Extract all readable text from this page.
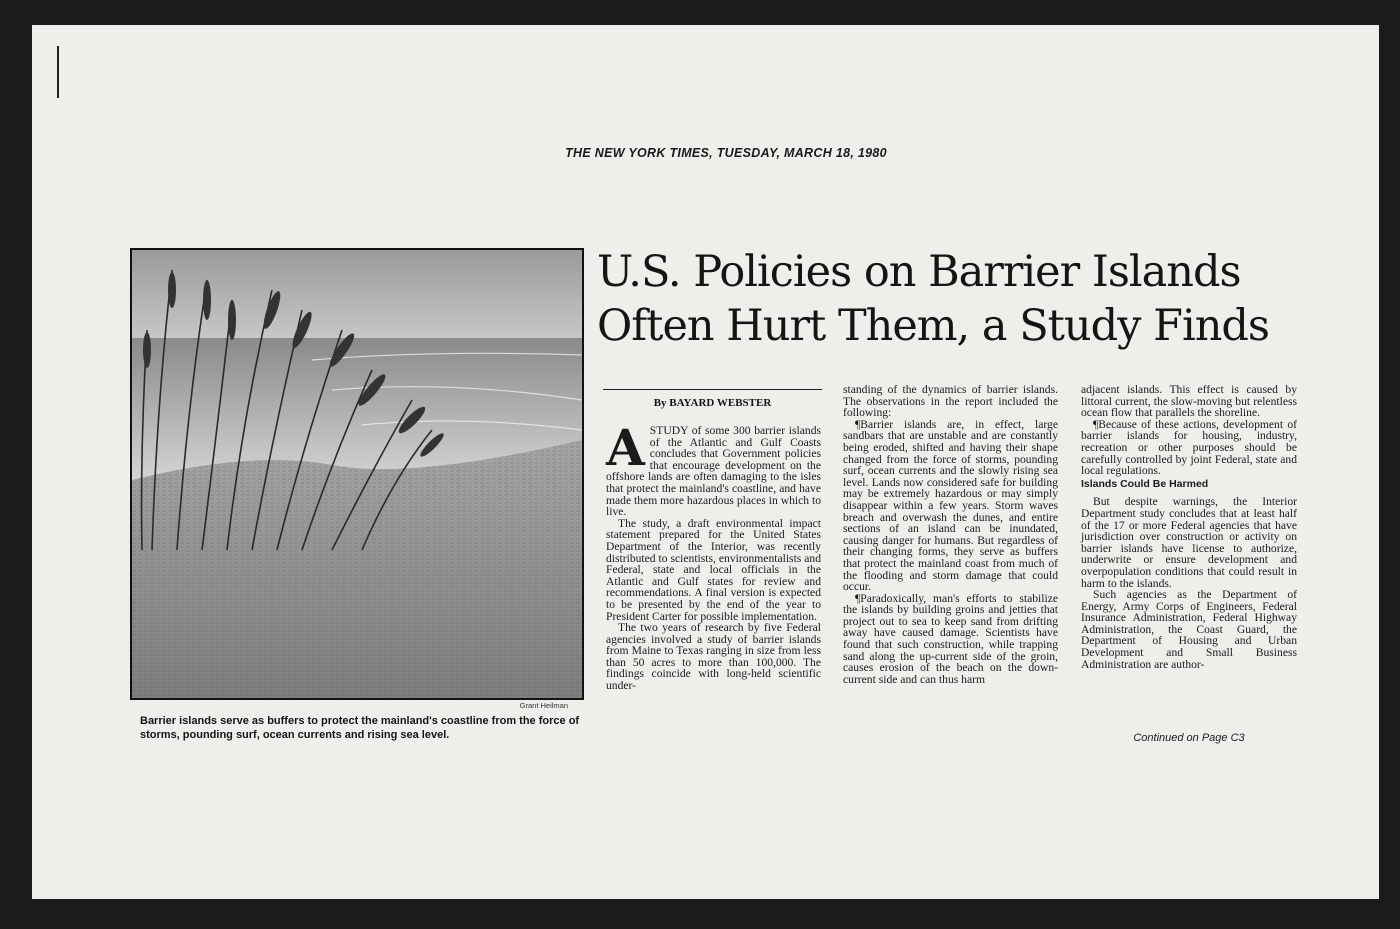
THE NEW YORK TIMES, TUESDAY, MARCH 18, 1980
Grant Heilman
Barrier islands serve as buffers to protect the mainland's coastline from the force of storms, pounding surf, ocean currents and rising sea level.
U.S. Policies on Barrier Islands
Often Hurt Them, a Study Finds
By BAYARD WEBSTER

ASTUDY of some 300 barrier islands of the Atlantic and Gulf Coasts concludes that Government policies that encourage development on the offshore lands are often damaging to the isles that protect the mainland's coastline, and have made them more hazardous places in which to live.

The study, a draft environmental impact statement prepared for the United States Department of the Interior, was recently distributed to scientists, environmentalists and Federal, state and local officials in the Atlantic and Gulf states for review and recommendations. A final version is expected to be presented by the end of the year to President Carter for possible implementation.

The two years of research by five Federal agencies involved a study of barrier islands from Maine to Texas ranging in size from less than 50 acres to more than 100,000. The findings coincide with long-held scientific under-

standing of the dynamics of barrier islands. The observations in the report included the following:

¶Barrier islands are, in effect, large sandbars that are unstable and are constantly being eroded, shifted and having their shape changed from the force of storms, pounding surf, ocean currents and the slowly rising sea level. Lands now considered safe for building may be extremely hazardous or may simply disappear within a few years. Storm waves breach and overwash the dunes, and entire sections of an island can be inundated, causing danger for humans. But regardless of their changing forms, they serve as buffers that protect the mainland coast from much of the flooding and storm damage that could occur.

¶Paradoxically, man's efforts to stabilize the islands by building groins and jetties that project out to sea to keep sand from drifting away have caused damage. Scientists have found that such construction, while trapping sand along the up-current side of the groin, causes erosion of the beach on the down-current side and can thus harm

adjacent islands. This effect is caused by littoral current, the slow-moving but relentless ocean flow that parallels the shoreline.

¶Because of these actions, development of barrier islands for housing, industry, recreation or other purposes should be carefully controlled by joint Federal, state and local regulations.

Islands Could Be Harmed

But despite warnings, the Interior Department study concludes that at least half of the 17 or more Federal agencies that have jurisdiction over construction or activity on barrier islands have license to authorize, underwrite or ensure development and overpopulation conditions that could result in harm to the islands.

Such agencies as the Department of Energy, Army Corps of Engineers, Federal Insurance Administration, Federal Highway Administration, the Coast Guard, the Department of Housing and Urban Development and Small Business Administration are author-

Continued on Page C3
